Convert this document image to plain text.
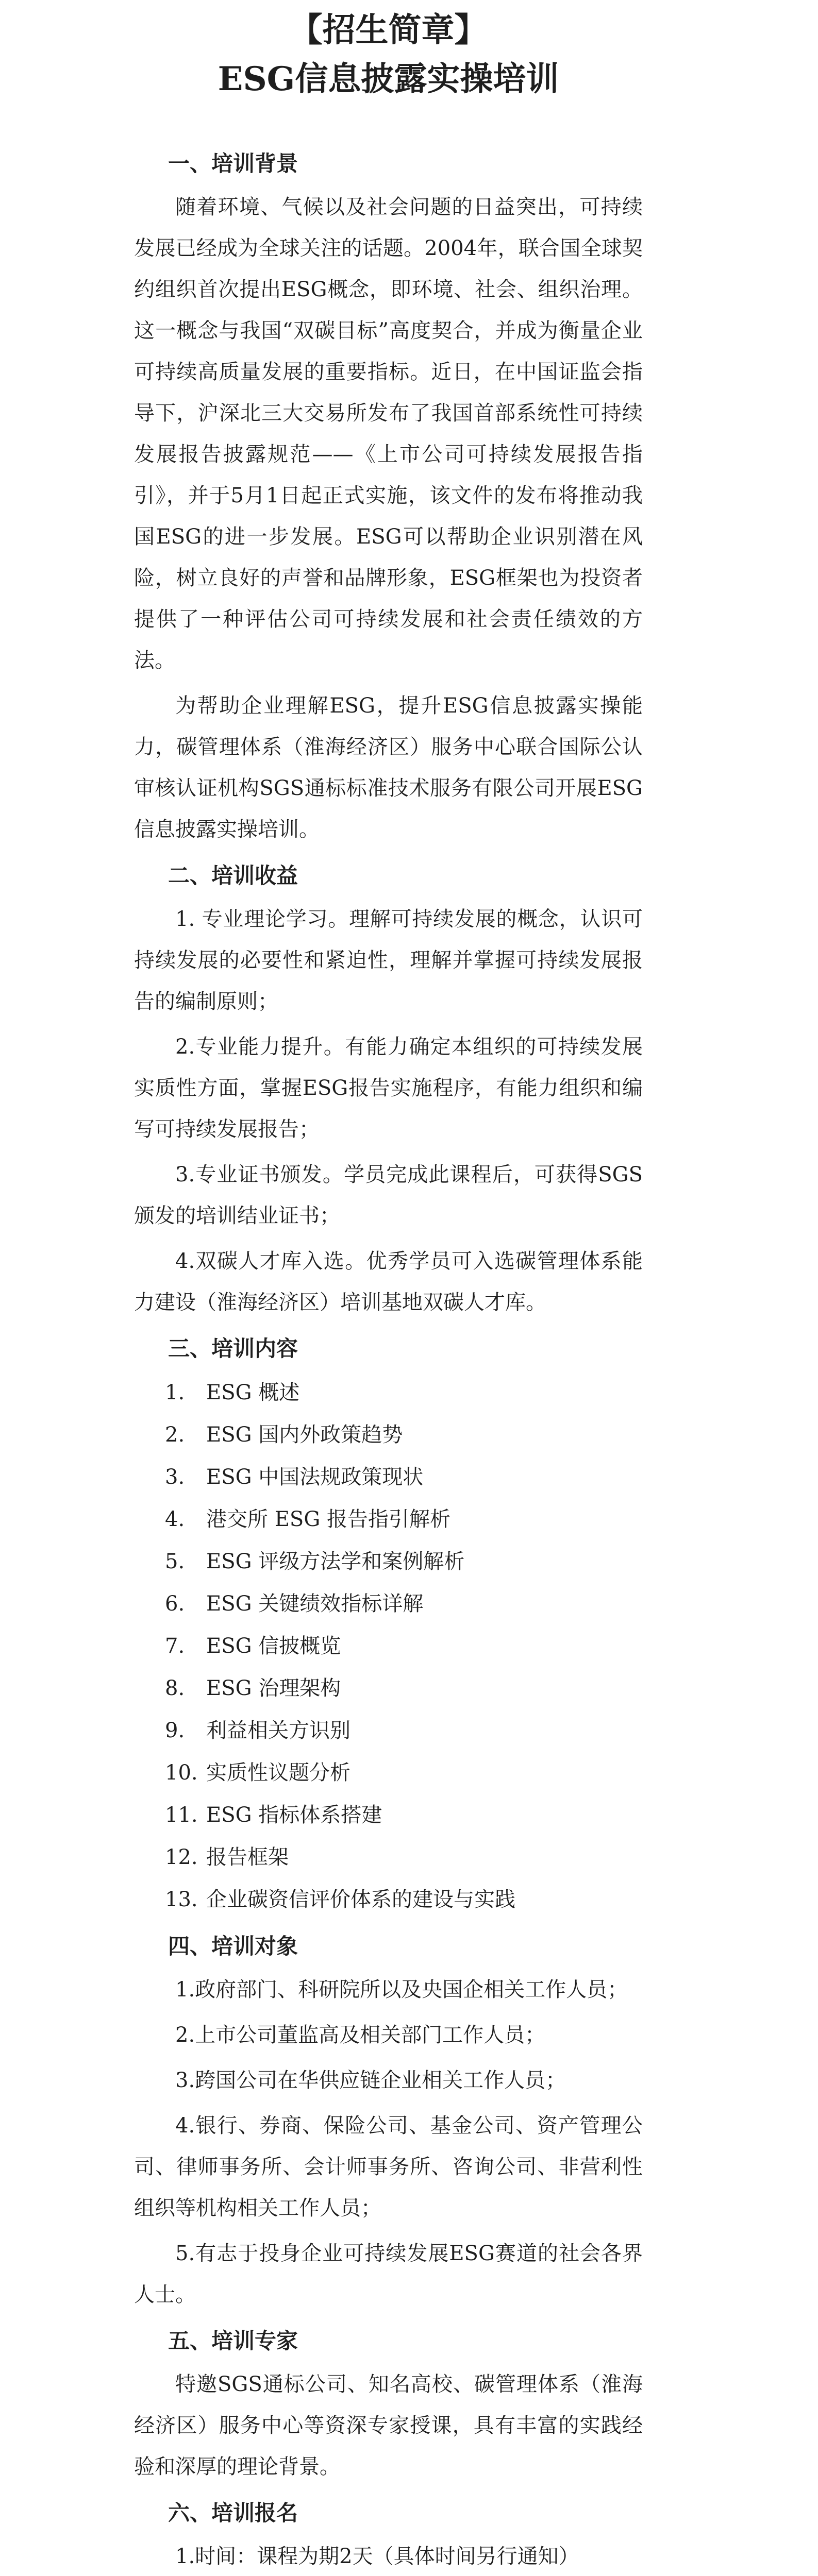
【招生简章】
ESG信息披露实操培训
一、培训背景

随着环境、气候以及社会问题的日益突出，可持续发展已经成为全球关注的话题。2004年，联合国全球契约组织首次提出ESG概念，即环境、社会、组织治理。这一概念与我国“双碳目标”高度契合，并成为衡量企业可持续高质量发展的重要指标。近日，在中国证监会指导下，沪深北三大交易所发布了我国首部系统性可持续发展报告披露规范——《上市公司可持续发展报告指引》，并于5月1日起正式实施，该文件的发布将推动我国ESG的进一步发展。ESG可以帮助企业识别潜在风险，树立良好的声誉和品牌形象，ESG框架也为投资者提供了一种评估公司可持续发展和社会责任绩效的方法。

为帮助企业理解ESG，提升ESG信息披露实操能力，碳管理体系（淮海经济区）服务中心联合国际公认审核认证机构SGS通标标准技术服务有限公司开展ESG信息披露实操培训。

二、培训收益

1. 专业理论学习。理解可持续发展的概念，认识可持续发展的必要性和紧迫性，理解并掌握可持续发展报告的编制原则；

2.专业能力提升。有能力确定本组织的可持续发展实质性方面，掌握ESG报告实施程序，有能力组织和编写可持续发展报告；

3.专业证书颁发。学员完成此课程后，可获得SGS颁发的培训结业证书；

4.双碳人才库入选。优秀学员可入选碳管理体系能力建设（淮海经济区）培训基地双碳人才库。

三、培训内容
1. ESG 概述
2. ESG 国内外政策趋势
3. ESG 中国法规政策现状
4. 港交所 ESG 报告指引解析
5. ESG 评级方法学和案例解析
6. ESG 关键绩效指标详解
7. ESG 信披概览
8. ESG 治理架构
9. 利益相关方识别
10. 实质性议题分析
11. ESG 指标体系搭建
12. 报告框架
13. 企业碳资信评价体系的建设与实践
四、培训对象

1.政府部门、科研院所以及央国企相关工作人员；

2.上市公司董监高及相关部门工作人员；

3.跨国公司在华供应链企业相关工作人员；

4.银行、券商、保险公司、基金公司、资产管理公司、律师事务所、会计师事务所、咨询公司、非营利性组织等机构相关工作人员；

5.有志于投身企业可持续发展ESG赛道的社会各界人士。

五、培训专家

特邀SGS通标公司、知名高校、碳管理体系（淮海经济区）服务中心等资深专家授课，具有丰富的实践经验和深厚的理论背景。

六、培训报名

1.时间：课程为期2天（具体时间另行通知）
